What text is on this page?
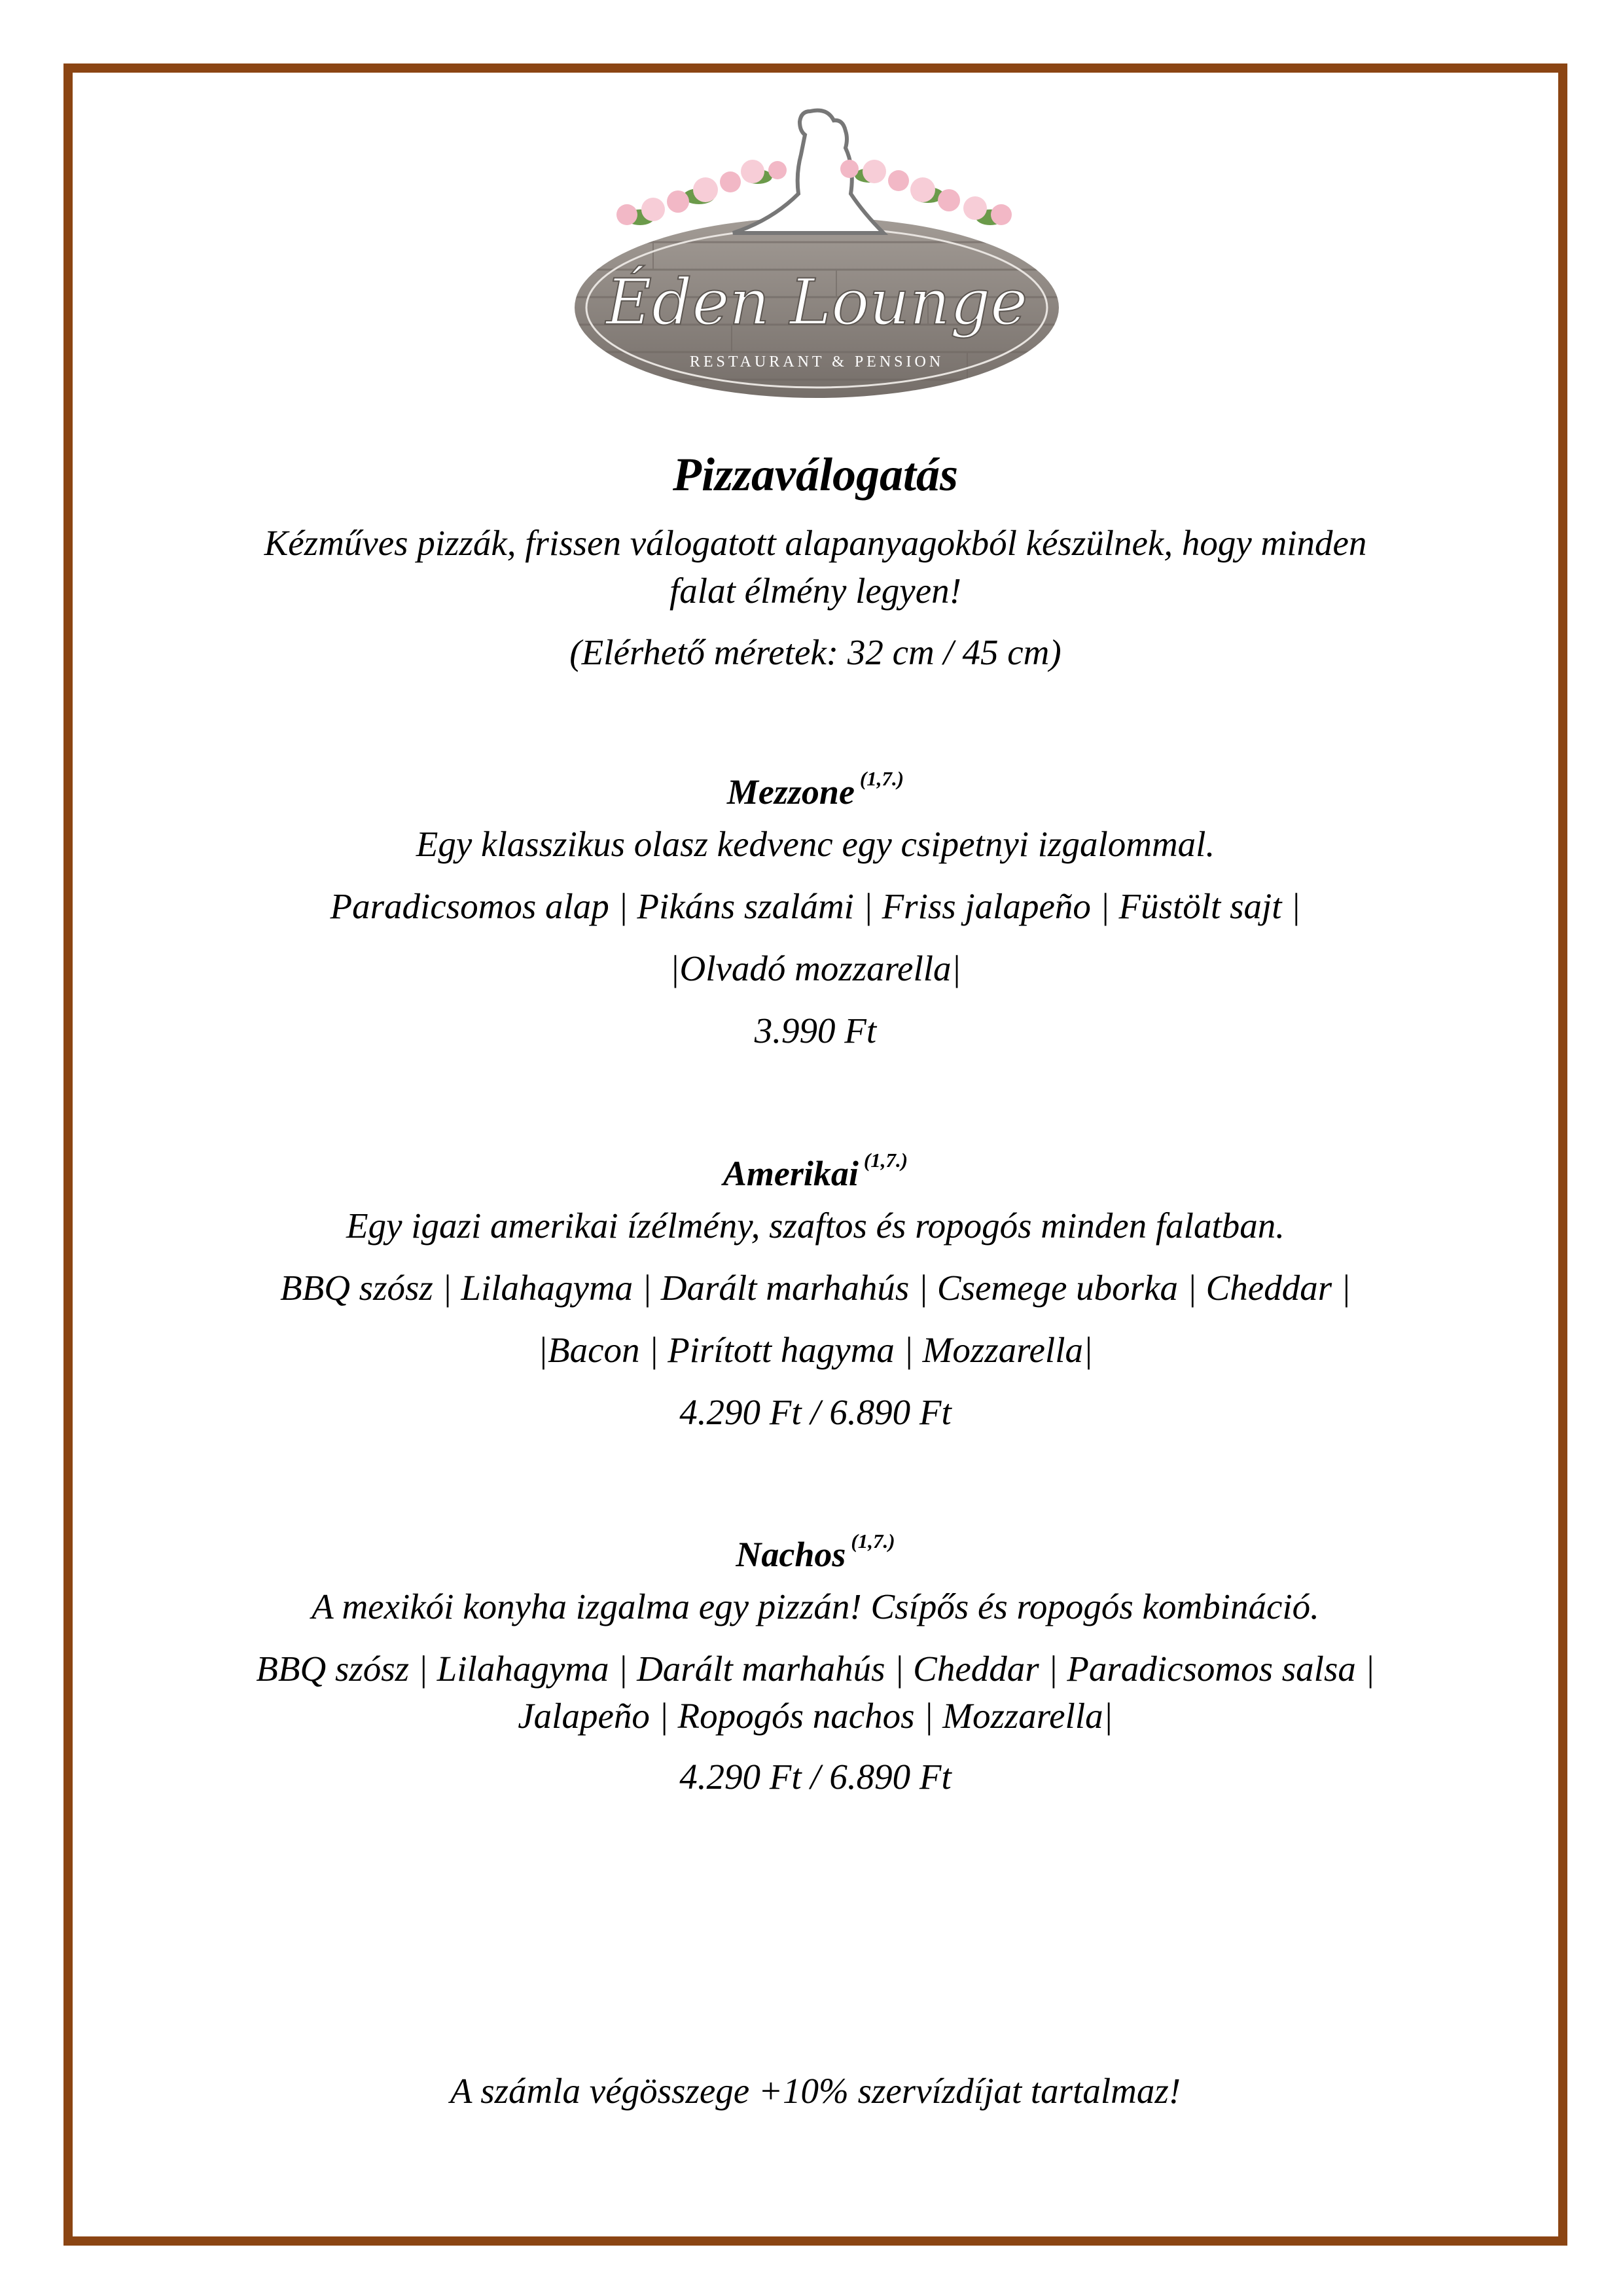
Éden Lounge
RESTAURANT & PENSION
Pizzaválogatás
Kézműves pizzák, frissen válogatott alapanyagokból készülnek, hogy minden
falat élmény legyen!
(Elérhető méretek: 32 cm / 45 cm)
Mezzone $^{(1,7.)}$
Egy klasszikus olasz kedvenc egy csipetnyi izgalommal.
Paradicsomos alap | Pikáns szalámi | Friss jalapeño | Füstölt sajt |
|Olvadó mozzarella|
3.990 Ft
Amerikai $^{(1,7.)}$
Egy igazi amerikai ízélmény, szaftos és ropogós minden falatban.
BBQ szósz | Lilahagyma | Darált marhahús | Csemege uborka | Cheddar |
|Bacon | Pirított hagyma | Mozzarella|
4.290 Ft / 6.890 Ft
Nachos $^{(1,7.)}$
A mexikói konyha izgalma egy pizzán! Csípős és ropogós kombináció.
BBQ szósz | Lilahagyma | Darált marhahús | Cheddar | Paradicsomos salsa |
Jalapeño | Ropogós nachos | Mozzarella|
4.290 Ft / 6.890 Ft
A számla végösszege +10% szervízdíjat tartalmaz!
